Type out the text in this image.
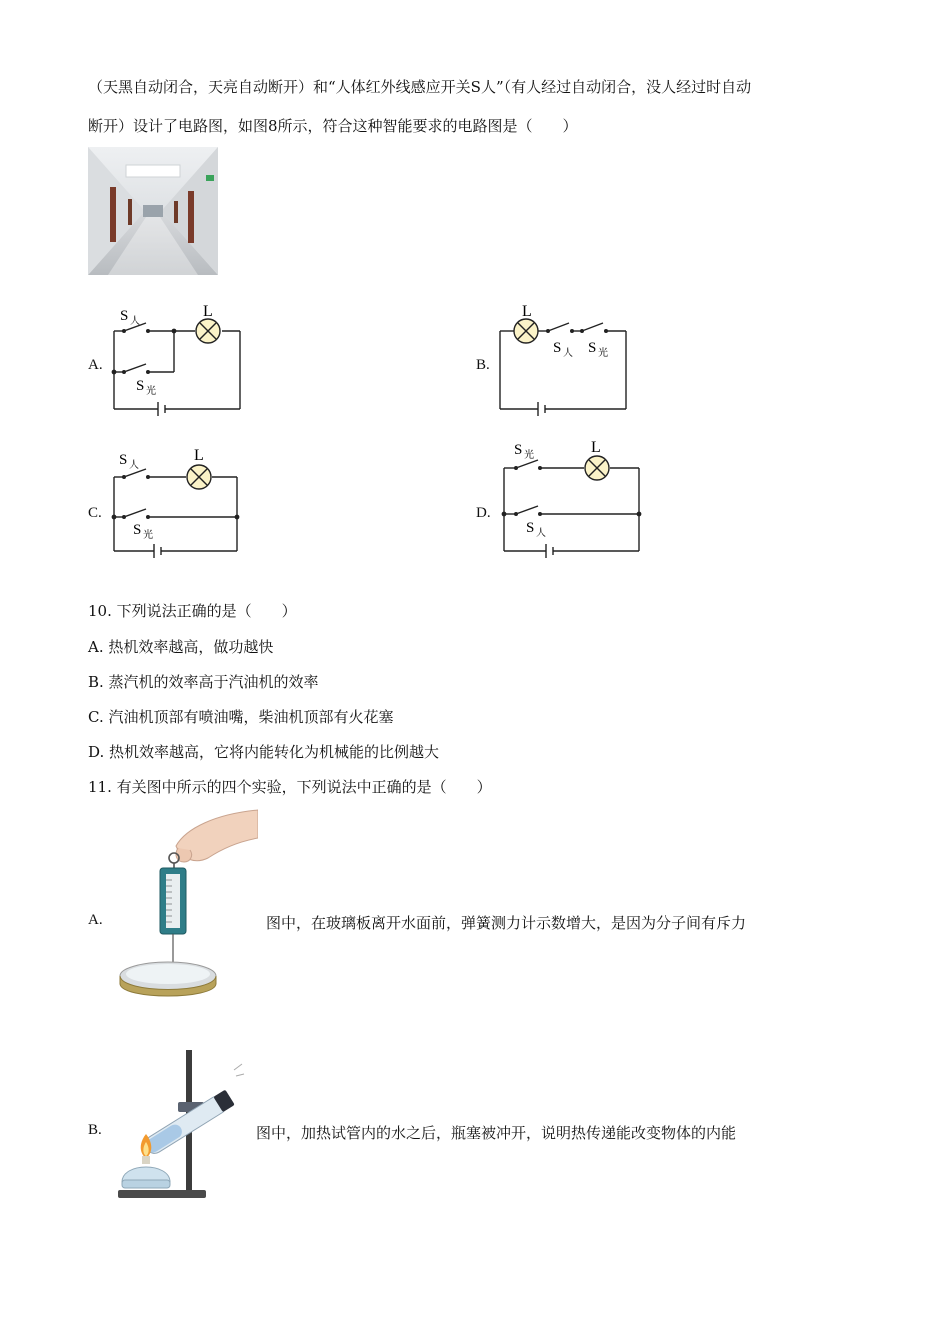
（天黑自动闭合，天亮自动断开）和“人体红外线感应开关S人”（有人经过自动闭合，没人经过时自动
断开）设计了电路图，如图8所示，符合这种智能要求的电路图是（　　）
A.
S 人
L
S 光
B.
L
S 人 S 光
C.
S 人
L
S 光
D.
S 光	L
S 人
10. 下列说法正确的是（　　）
A. 热机效率越高，做功越快
B. 蒸汽机的效率高于汽油机的效率
C. 汽油机顶部有喷油嘴，柴油机顶部有火花塞
D. 热机效率越高，它将内能转化为机械能的比例越大
11. 有关图中所示的四个实验，下列说法中正确的是（　　）
A.	图中，在玻璃板离开水面前，弹簧测力计示数增大，是因为分子间有斥力
B.	图中，加热试管内的水之后，瓶塞被冲开，说明热传递能改变物体的内能
